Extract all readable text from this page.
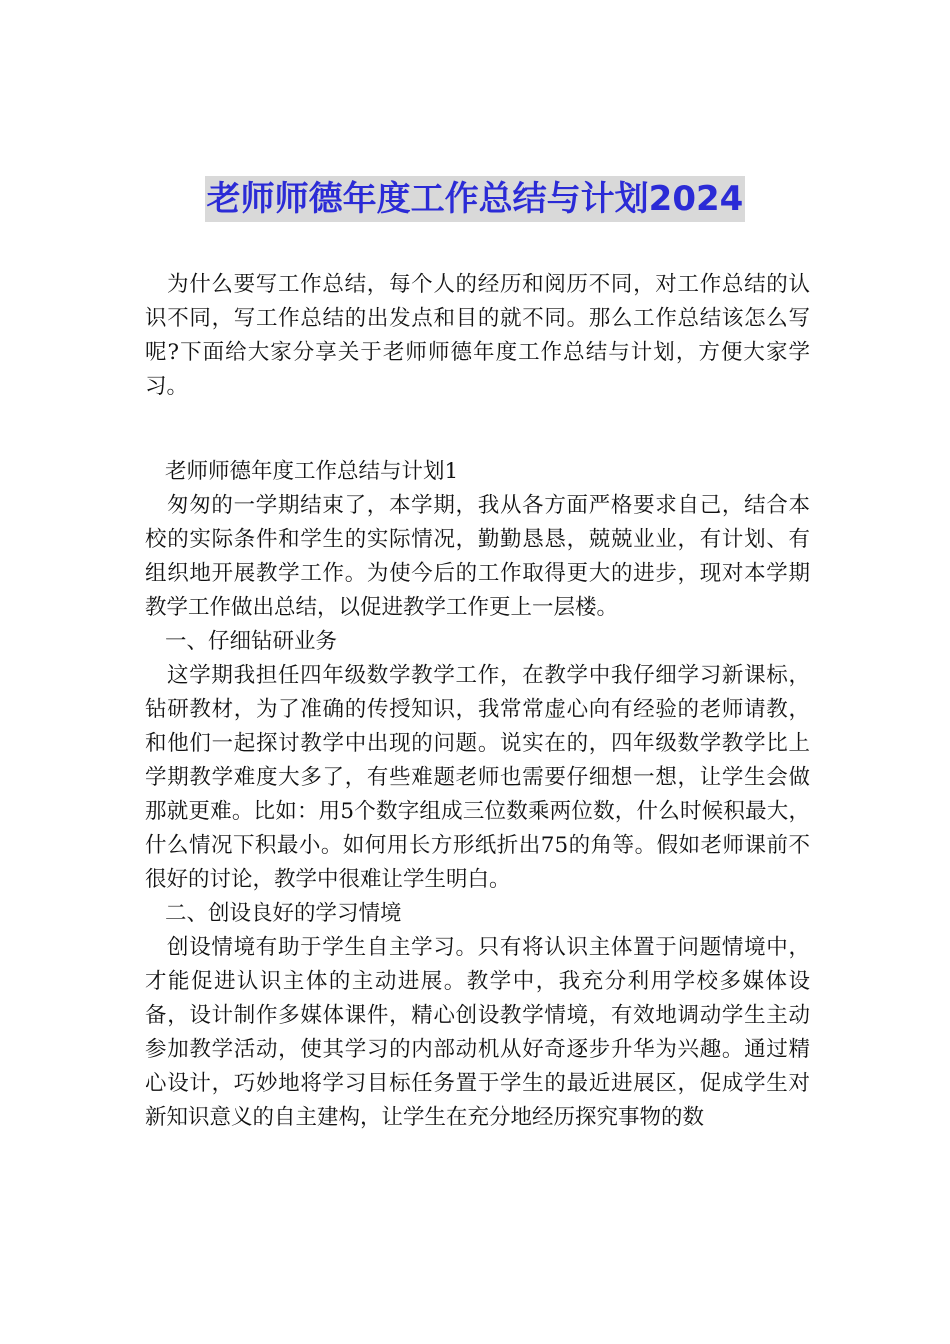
老师师德年度工作总结与计划2024

为什么要写工作总结，每个人的经历和阅历不同，对工作总结的认识不同，写工作总结的出发点和目的就不同。那么工作总结该怎么写呢?下面给大家分享关于老师师德年度工作总结与计划，方便大家学习。

老师师德年度工作总结与计划1

匆匆的一学期结束了，本学期，我从各方面严格要求自己，结合本校的实际条件和学生的实际情况，勤勤恳恳，兢兢业业，有计划、有组织地开展教学工作。为使今后的工作取得更大的进步，现对本学期教学工作做出总结，以促进教学工作更上一层楼。

一、仔细钻研业务

这学期我担任四年级数学教学工作，在教学中我仔细学习新课标，钻研教材，为了准确的传授知识，我常常虚心向有经验的老师请教，和他们一起探讨教学中出现的问题。说实在的，四年级数学教学比上学期教学难度大多了，有些难题老师也需要仔细想一想，让学生会做那就更难。比如：用5个数字组成三位数乘两位数，什么时候积最大，什么情况下积最小。如何用长方形纸折出75的角等。假如老师课前不很好的讨论，教学中很难让学生明白。

二、创设良好的学习情境

创设情境有助于学生自主学习。只有将认识主体置于问题情境中，才能促进认识主体的主动进展。教学中，我充分利用学校多媒体设备，设计制作多媒体课件，精心创设教学情境，有效地调动学生主动参加教学活动，使其学习的内部动机从好奇逐步升华为兴趣。通过精心设计，巧妙地将学习目标任务置于学生的最近进展区，促成学生对新知识意义的自主建构，让学生在充分地经历探究事物的数
